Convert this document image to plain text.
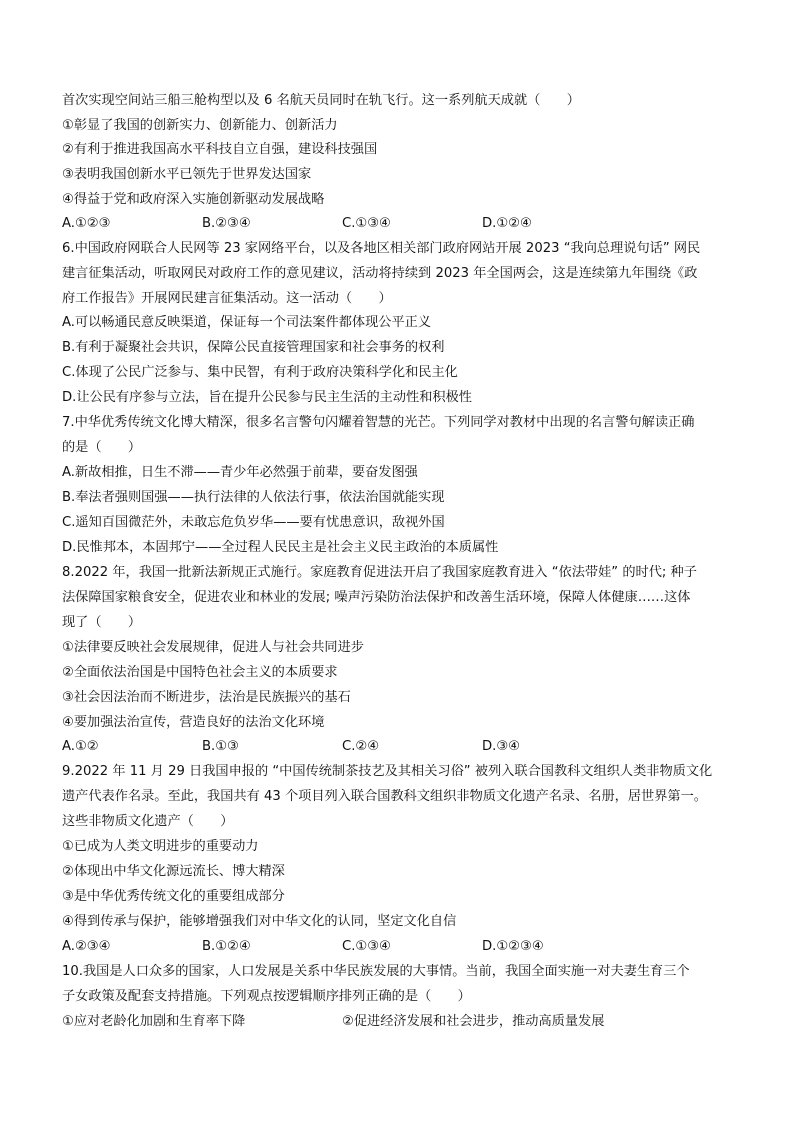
首次实现空间站三船三舱构型以及 6 名航天员同时在轨飞行。这一系列航天成就（　　）
①彰显了我国的创新实力、创新能力、创新活力
②有利于推进我国高水平科技自立自强，建设科技强国
③表明我国创新水平已领先于世界发达国家
④得益于党和政府深入实施创新驱动发展战略
A.①②③	B.②③④	C.①③④	D.①②④
6.中国政府网联合人民网等 23 家网络平台，以及各地区相关部门政府网站开展 2023 “我向总理说句话” 网民
建言征集活动，听取网民对政府工作的意见建议，活动将持续到 2023 年全国两会，这是连续第九年围绕《政
府工作报告》开展网民建言征集活动。这一活动（　　）
A.可以畅通民意反映渠道，保证每一个司法案件都体现公平正义
B.有利于凝聚社会共识，保障公民直接管理国家和社会事务的权利
C.体现了公民广泛参与、集中民智，有利于政府决策科学化和民主化
D.让公民有序参与立法，旨在提升公民参与民主生活的主动性和积极性
7.中华优秀传统文化博大精深，很多名言警句闪耀着智慧的光芒。下列同学对教材中出现的名言警句解读正确
的是（　　）
A.新故相推，日生不滞——青少年必然强于前辈，要奋发图强
B.奉法者强则国强——执行法律的人依法行事，依法治国就能实现
C.遥知百国微茫外，未敢忘危负岁华——要有忧患意识，敌视外国
D.民惟邦本，本固邦宁——全过程人民民主是社会主义民主政治的本质属性
8.2022 年，我国一批新法新规正式施行。家庭教育促进法开启了我国家庭教育进入 “依法带娃” 的时代; 种子
法保障国家粮食安全，促进农业和林业的发展; 噪声污染防治法保护和改善生活环境，保障人体健康……这体
现了（　　）
①法律要反映社会发展规律，促进人与社会共同进步
②全面依法治国是中国特色社会主义的本质要求
③社会因法治而不断进步，法治是民族振兴的基石
④要加强法治宣传，营造良好的法治文化环境
A.①②	B.①③	C.②④	D.③④
9.2022 年 11 月 29 日我国申报的 “中国传统制茶技艺及其相关习俗” 被列入联合国教科文组织人类非物质文化
遗产代表作名录。至此，我国共有 43 个项目列入联合国教科文组织非物质文化遗产名录、名册，居世界第一。
这些非物质文化遗产（　　）
①已成为人类文明进步的重要动力
②体现出中华文化源远流长、博大精深
③是中华优秀传统文化的重要组成部分
④得到传承与保护，能够增强我们对中华文化的认同，坚定文化自信
A.②③④	B.①②④	C.①③④	D.①②③④
10.我国是人口众多的国家，人口发展是关系中华民族发展的大事情。当前，我国全面实施一对夫妻生育三个
子女政策及配套支持措施。下列观点按逻辑顺序排列正确的是（　　）
①应对老龄化加剧和生育率下降	②促进经济发展和社会进步，推动高质量发展
